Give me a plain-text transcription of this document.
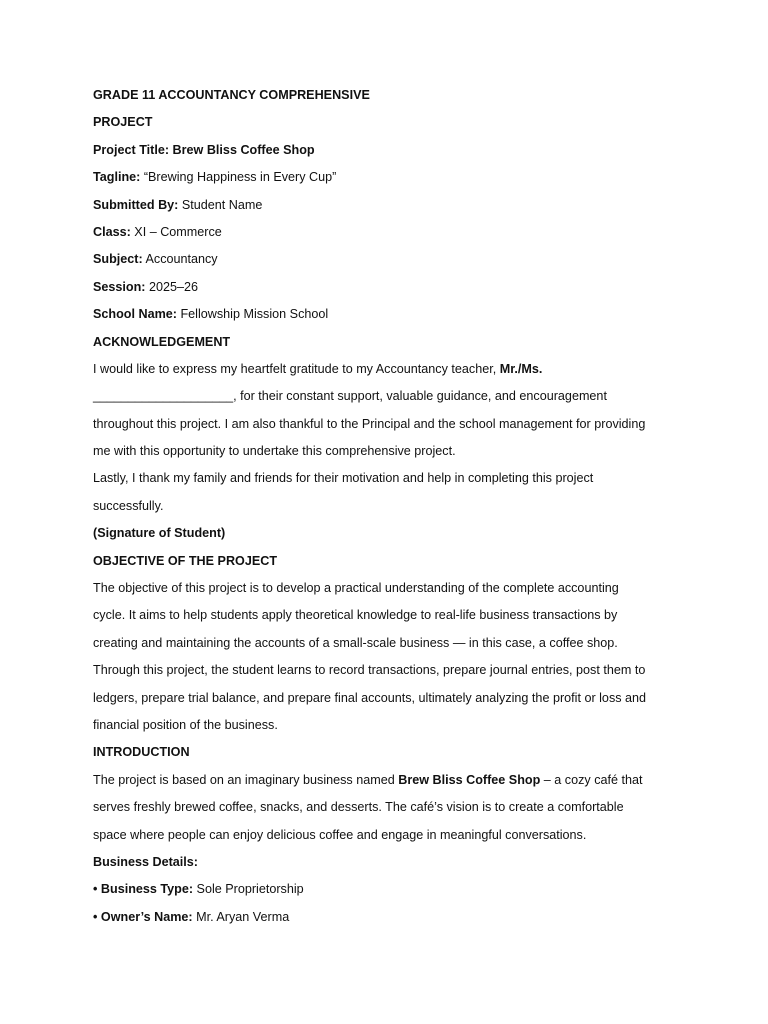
GRADE 11 ACCOUNTANCY COMPREHENSIVE
PROJECT
Project Title: Brew Bliss Coffee Shop
Tagline: “Brewing Happiness in Every Cup”
Submitted By: Student Name
Class: XI – Commerce
Subject: Accountancy
Session: 2025–26
School Name: Fellowship Mission School
ACKNOWLEDGEMENT
I would like to express my heartfelt gratitude to my Accountancy teacher, Mr./Ms.
____________________, for their constant support, valuable guidance, and encouragement
throughout this project. I am also thankful to the Principal and the school management for providing
me with this opportunity to undertake this comprehensive project.
Lastly, I thank my family and friends for their motivation and help in completing this project
successfully.
(Signature of Student)
OBJECTIVE OF THE PROJECT
The objective of this project is to develop a practical understanding of the complete accounting
cycle. It aims to help students apply theoretical knowledge to real-life business transactions by
creating and maintaining the accounts of a small-scale business — in this case, a coffee shop.
Through this project, the student learns to record transactions, prepare journal entries, post them to
ledgers, prepare trial balance, and prepare final accounts, ultimately analyzing the profit or loss and
financial position of the business.
INTRODUCTION
The project is based on an imaginary business named Brew Bliss Coffee Shop – a cozy café that
serves freshly brewed coffee, snacks, and desserts. The café’s vision is to create a comfortable
space where people can enjoy delicious coffee and engage in meaningful conversations.
Business Details:
• Business Type: Sole Proprietorship
• Owner’s Name: Mr. Aryan Verma
